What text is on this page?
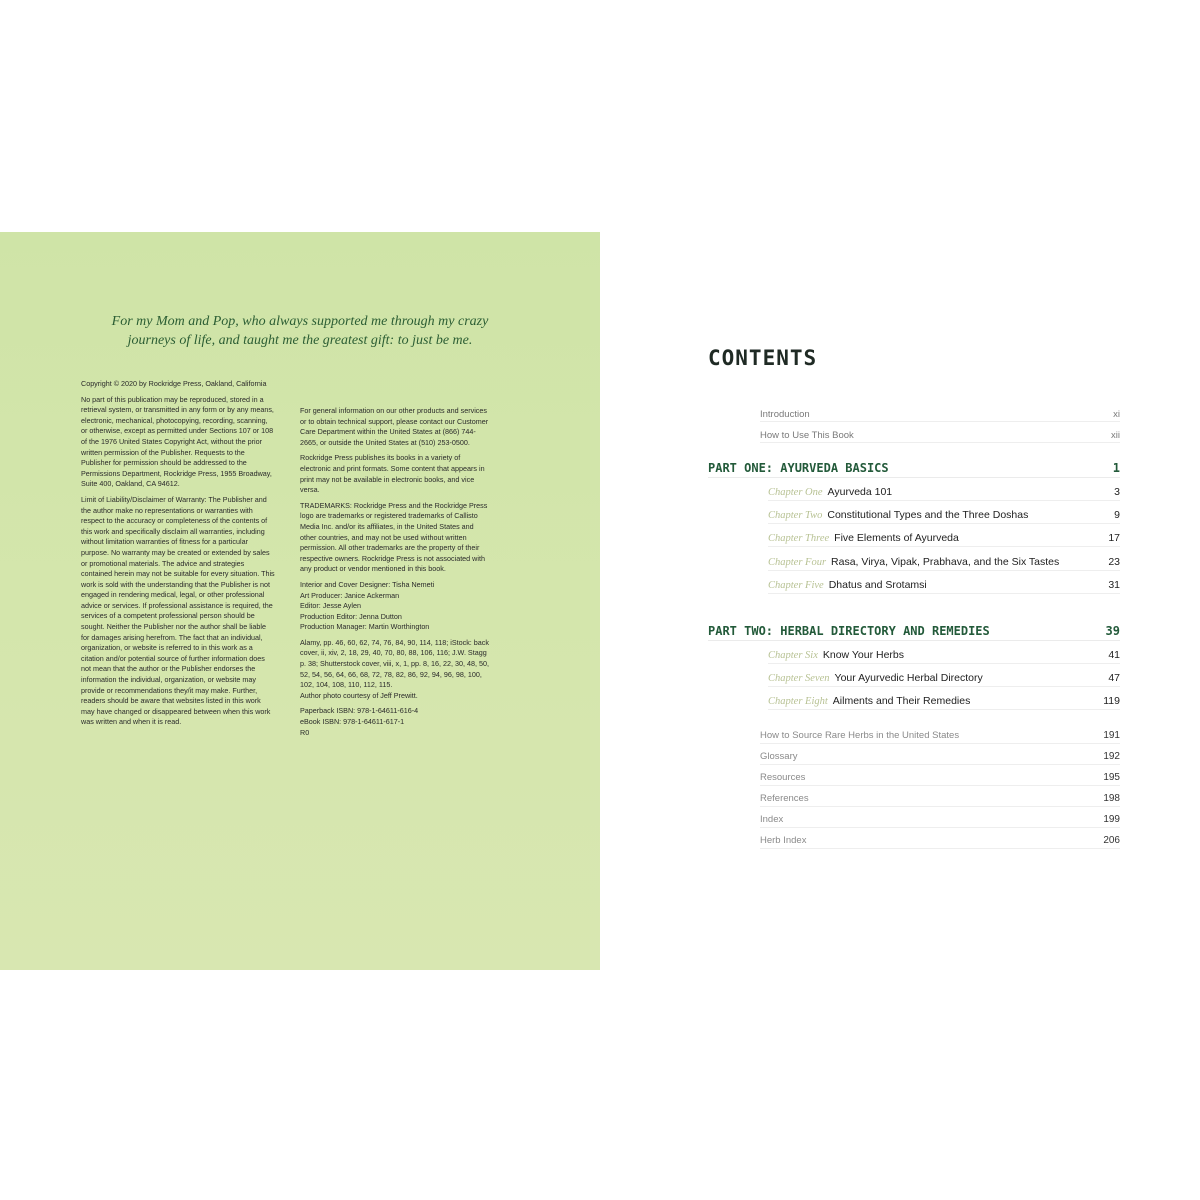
For my Mom and Pop, who always supported me through my crazy journeys of life, and taught me the greatest gift: to just be me.

Copyright © 2020 by Rockridge Press, Oakland, California

No part of this publication may be reproduced, stored in a retrieval system, or transmitted in any form or by any means, electronic, mechanical, photocopying, recording, scanning, or otherwise, except as permitted under Sections 107 or 108 of the 1976 United States Copyright Act, without the prior written permission of the Publisher. Requests to the Publisher for permission should be addressed to the Permissions Department, Rockridge Press, 1955 Broadway, Suite 400, Oakland, CA 94612.

Limit of Liability/Disclaimer of Warranty: The Publisher and the author make no representations or warranties with respect to the accuracy or completeness of the contents of this work and specifically disclaim all warranties, including without limitation warranties of fitness for a particular purpose. No warranty may be created or extended by sales or promotional materials. The advice and strategies contained herein may not be suitable for every situation. This work is sold with the understanding that the Publisher is not engaged in rendering medical, legal, or other professional advice or services. If professional assistance is required, the services of a competent professional person should be sought. Neither the Publisher nor the author shall be liable for damages arising herefrom. The fact that an individual, organization, or website is referred to in this work as a citation and/or potential source of further information does not mean that the author or the Publisher endorses the information the individual, organization, or website may provide or recommendations they/it may make. Further, readers should be aware that websites listed in this work may have changed or disappeared between when this work was written and when it is read.

For general information on our other products and services or to obtain technical support, please contact our Customer Care Department within the United States at (866) 744-2665, or outside the United States at (510) 253-0500.

Rockridge Press publishes its books in a variety of electronic and print formats. Some content that appears in print may not be available in electronic books, and vice versa.

TRADEMARKS: Rockridge Press and the Rockridge Press logo are trademarks or registered trademarks of Callisto Media Inc. and/or its affiliates, in the United States and other countries, and may not be used without written permission. All other trademarks are the property of their respective owners. Rockridge Press is not associated with any product or vendor mentioned in this book.

Interior and Cover Designer: Tisha Nemeti
Art Producer: Janice Ackerman
Editor: Jesse Aylen
Production Editor: Jenna Dutton

Production Manager: Martin Worthington

Alamy, pp. 46, 60, 62, 74, 76, 84, 90, 114, 118; iStock: back cover, ii, xiv, 2, 18, 29, 40, 70, 80, 88, 106, 116; J.W. Stagg p. 38; Shutterstock cover, viii, x, 1, pp. 8, 16, 22, 30, 48, 50, 52, 54, 56, 64, 66, 68, 72, 78, 82, 86, 92, 94, 96, 98, 100, 102, 104, 108, 110, 112, 115.

Author photo courtesy of Jeff Prewitt.

Paperback ISBN: 978-1-64611-616-4
eBook ISBN: 978-1-64611-617-1
R0
CONTENTS
Introduction	xi
How to Use This Book	xii
PART ONE: AYURVEDA BASICS	1
Chapter One Ayurveda 101	3
Chapter Two Constitutional Types and the Three Doshas	9
Chapter Three Five Elements of Ayurveda	17
Chapter Four Rasa, Virya, Vipak, Prabhava, and the Six Tastes	23
Chapter Five Dhatus and Srotamsi	31
PART TWO: HERBAL DIRECTORY AND REMEDIES	39
Chapter Six Know Your Herbs	41
Chapter Seven Your Ayurvedic Herbal Directory	47
Chapter Eight Ailments and Their Remedies	119
How to Source Rare Herbs in the United States	191
Glossary	192
Resources	195
References	198
Index	199
Herb Index	206
